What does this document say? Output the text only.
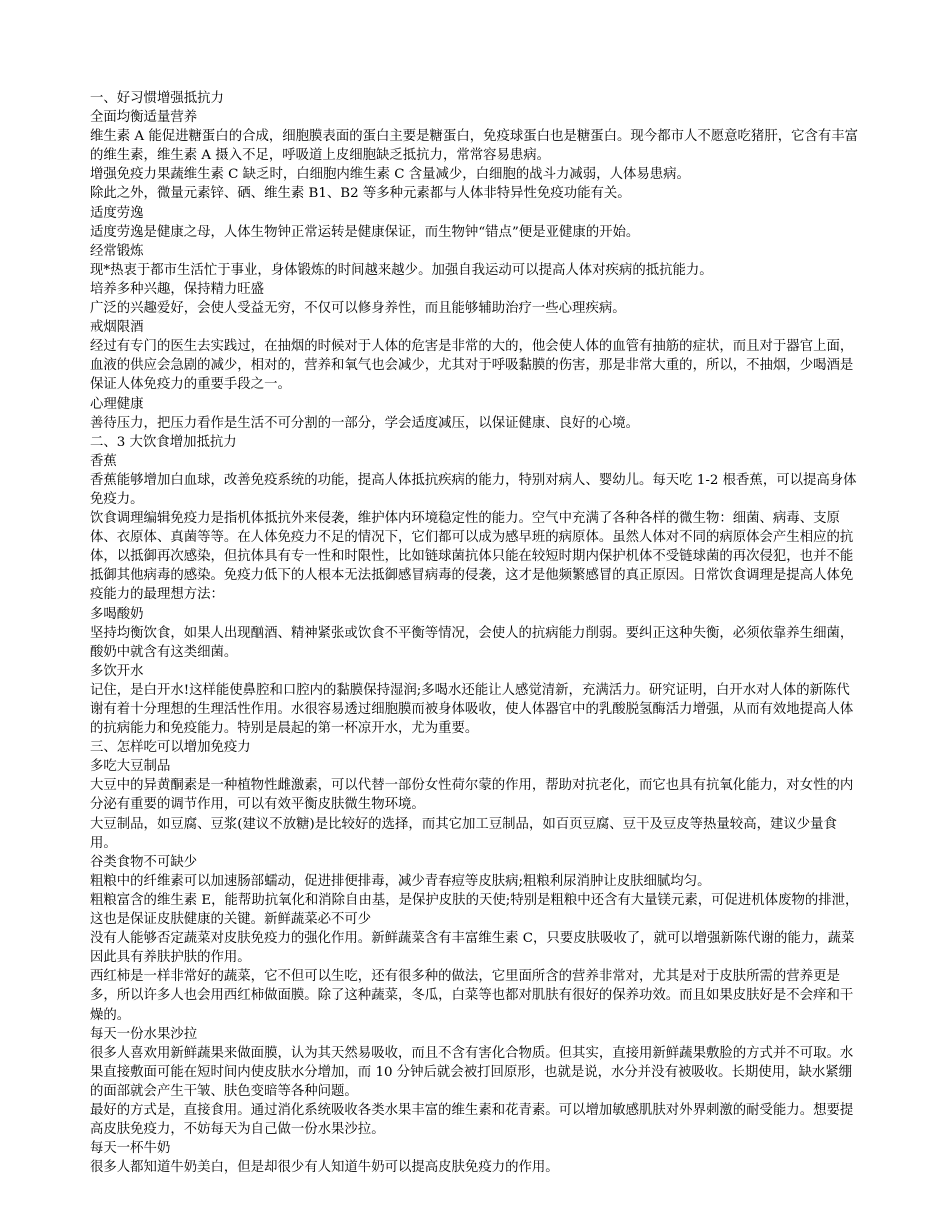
一、好习惯增强抵抗力

全面均衡适量营养

维生素 A 能促进糖蛋白的合成，细胞膜表面的蛋白主要是糖蛋白，免疫球蛋白也是糖蛋白。现今都市人不愿意吃猪肝，它含有丰富的维生素，维生素 A 摄入不足，呼吸道上皮细胞缺乏抵抗力，常常容易患病。

增强免疫力果蔬维生素 C 缺乏时，白细胞内维生素 C 含量减少，白细胞的战斗力减弱，人体易患病。

除此之外，微量元素锌、硒、维生素 B1、B2 等多种元素都与人体非特异性免疫功能有关。

适度劳逸

适度劳逸是健康之母，人体生物钟正常运转是健康保证，而生物钟“错点”便是亚健康的开始。

经常锻炼

现*热衷于都市生活忙于事业，身体锻炼的时间越来越少。加强自我运动可以提高人体对疾病的抵抗能力。

培养多种兴趣，保持精力旺盛

广泛的兴趣爱好，会使人受益无穷，不仅可以修身养性，而且能够辅助治疗一些心理疾病。

戒烟限酒

经过有专门的医生去实践过，在抽烟的时候对于人体的危害是非常的大的，他会使人体的血管有抽筋的症状，而且对于器官上面，血液的供应会急剧的减少，相对的，营养和氧气也会减少，尤其对于呼吸黏膜的伤害，那是非常大重的，所以，不抽烟，少喝酒是保证人体免疫力的重要手段之一。

心理健康

善待压力，把压力看作是生活不可分割的一部分，学会适度减压，以保证健康、良好的心境。

二、3 大饮食增加抵抗力

香蕉

香蕉能够增加白血球，改善免疫系统的功能，提高人体抵抗疾病的能力，特别对病人、婴幼儿。每天吃 1-2 根香蕉，可以提高身体免疫力。

饮食调理编辑免疫力是指机体抵抗外来侵袭，维护体内环境稳定性的能力。空气中充满了各种各样的微生物：细菌、病毒、支原体、衣原体、真菌等等。在人体免疫力不足的情况下，它们都可以成为感早班的病原体。虽然人体对不同的病原体会产生相应的抗体，以抵御再次感染，但抗体具有专一性和时限性，比如链球菌抗体只能在较短时期内保护机体不受链球菌的再次侵犯，也并不能抵御其他病毒的感染。免疫力低下的人根本无法抵御感冒病毒的侵袭，这才是他频繁感冒的真正原因。日常饮食调理是提高人体免疫能力的最理想方法：

多喝酸奶

坚持均衡饮食，如果人出现酗酒、精神紧张或饮食不平衡等情况，会使人的抗病能力削弱。要纠正这种失衡，必须依靠养生细菌，酸奶中就含有这类细菌。

多饮开水

记住，是白开水!这样能使鼻腔和口腔内的黏膜保持湿润;多喝水还能让人感觉清新，充满活力。研究证明，白开水对人体的新陈代谢有着十分理想的生理活性作用。水很容易透过细胞膜而被身体吸收，使人体器官中的乳酸脱氢酶活力增强，从而有效地提高人体的抗病能力和免疫能力。特别是晨起的第一杯凉开水，尤为重要。

三、怎样吃可以增加免疫力

多吃大豆制品

大豆中的异黄酮素是一种植物性雌激素，可以代替一部份女性荷尔蒙的作用，帮助对抗老化，而它也具有抗氧化能力，对女性的内分泌有重要的调节作用，可以有效平衡皮肤微生物环境。

大豆制品，如豆腐、豆浆(建议不放糖)是比较好的选择，而其它加工豆制品，如百页豆腐、豆干及豆皮等热量较高，建议少量食用。

谷类食物不可缺少

粗粮中的纤维素可以加速肠部蠕动，促进排便排毒，减少青春痘等皮肤病;粗粮利尿消肿让皮肤细腻均匀。

粗粮富含的维生素 E，能帮助抗氧化和消除自由基，是保护皮肤的天使;特别是粗粮中还含有大量镁元素，可促进机体废物的排泄，这也是保证皮肤健康的关键。新鲜蔬菜必不可少

没有人能够否定蔬菜对皮肤免疫力的强化作用。新鲜蔬菜含有丰富维生素 C，只要皮肤吸收了，就可以增强新陈代谢的能力，蔬菜因此具有养肤护肤的作用。

西红柿是一样非常好的蔬菜，它不但可以生吃，还有很多种的做法，它里面所含的营养非常对，尤其是对于皮肤所需的营养更是多，所以许多人也会用西红柿做面膜。除了这种蔬菜，冬瓜，白菜等也都对肌肤有很好的保养功效。而且如果皮肤好是不会痒和干燥的。

每天一份水果沙拉

很多人喜欢用新鲜蔬果来做面膜，认为其天然易吸收，而且不含有害化合物质。但其实，直接用新鲜蔬果敷脸的方式并不可取。水果直接敷面可能在短时间内使皮肤水分增加，而 10 分钟后就会被打回原形，也就是说，水分并没有被吸收。长期使用，缺水紧绷的面部就会产生干皱、肤色变暗等各种问题。

最好的方式是，直接食用。通过消化系统吸收各类水果丰富的维生素和花青素。可以增加敏感肌肤对外界刺激的耐受能力。想要提高皮肤免疫力，不妨每天为自己做一份水果沙拉。

每天一杯牛奶

很多人都知道牛奶美白，但是却很少有人知道牛奶可以提高皮肤免疫力的作用。
